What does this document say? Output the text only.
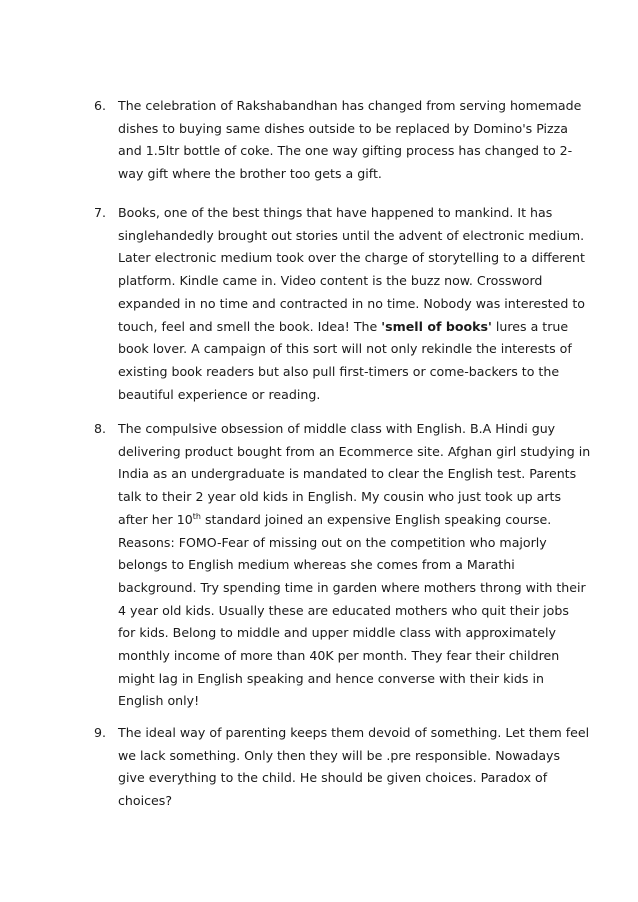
6. The celebration of Rakshabandhan has changed from serving homemade
dishes to buying same dishes outside to be replaced by Domino's Pizza
and 1.5ltr bottle of coke. The one way gifting process has changed to 2-
way gift where the brother too gets a gift.
7. Books, one of the best things that have happened to mankind. It has
singlehandedly brought out stories until the advent of electronic medium.
Later electronic medium took over the charge of storytelling to a different
platform. Kindle came in. Video content is the buzz now. Crossword
expanded in no time and contracted in no time. Nobody was interested to
touch, feel and smell the book. Idea! The 'smell of books' lures a true
book lover. A campaign of this sort will not only rekindle the interests of
existing book readers but also pull first-timers or come-backers to the
beautiful experience or reading.
8. The compulsive obsession of middle class with English. B.A Hindi guy
delivering product bought from an Ecommerce site. Afghan girl studying in
India as an undergraduate is mandated to clear the English test. Parents
talk to their 2 year old kids in English. My cousin who just took up arts
after her 10th standard joined an expensive English speaking course.
Reasons: FOMO-Fear of missing out on the competition who majorly
belongs to English medium whereas she comes from a Marathi
background. Try spending time in garden where mothers throng with their
4 year old kids. Usually these are educated mothers who quit their jobs
for kids. Belong to middle and upper middle class with approximately
monthly income of more than 40K per month. They fear their children
might lag in English speaking and hence converse with their kids in
English only!
9. The ideal way of parenting keeps them devoid of something. Let them feel
we lack something. Only then they will be .pre responsible. Nowadays
give everything to the child. He should be given choices. Paradox of
choices?
